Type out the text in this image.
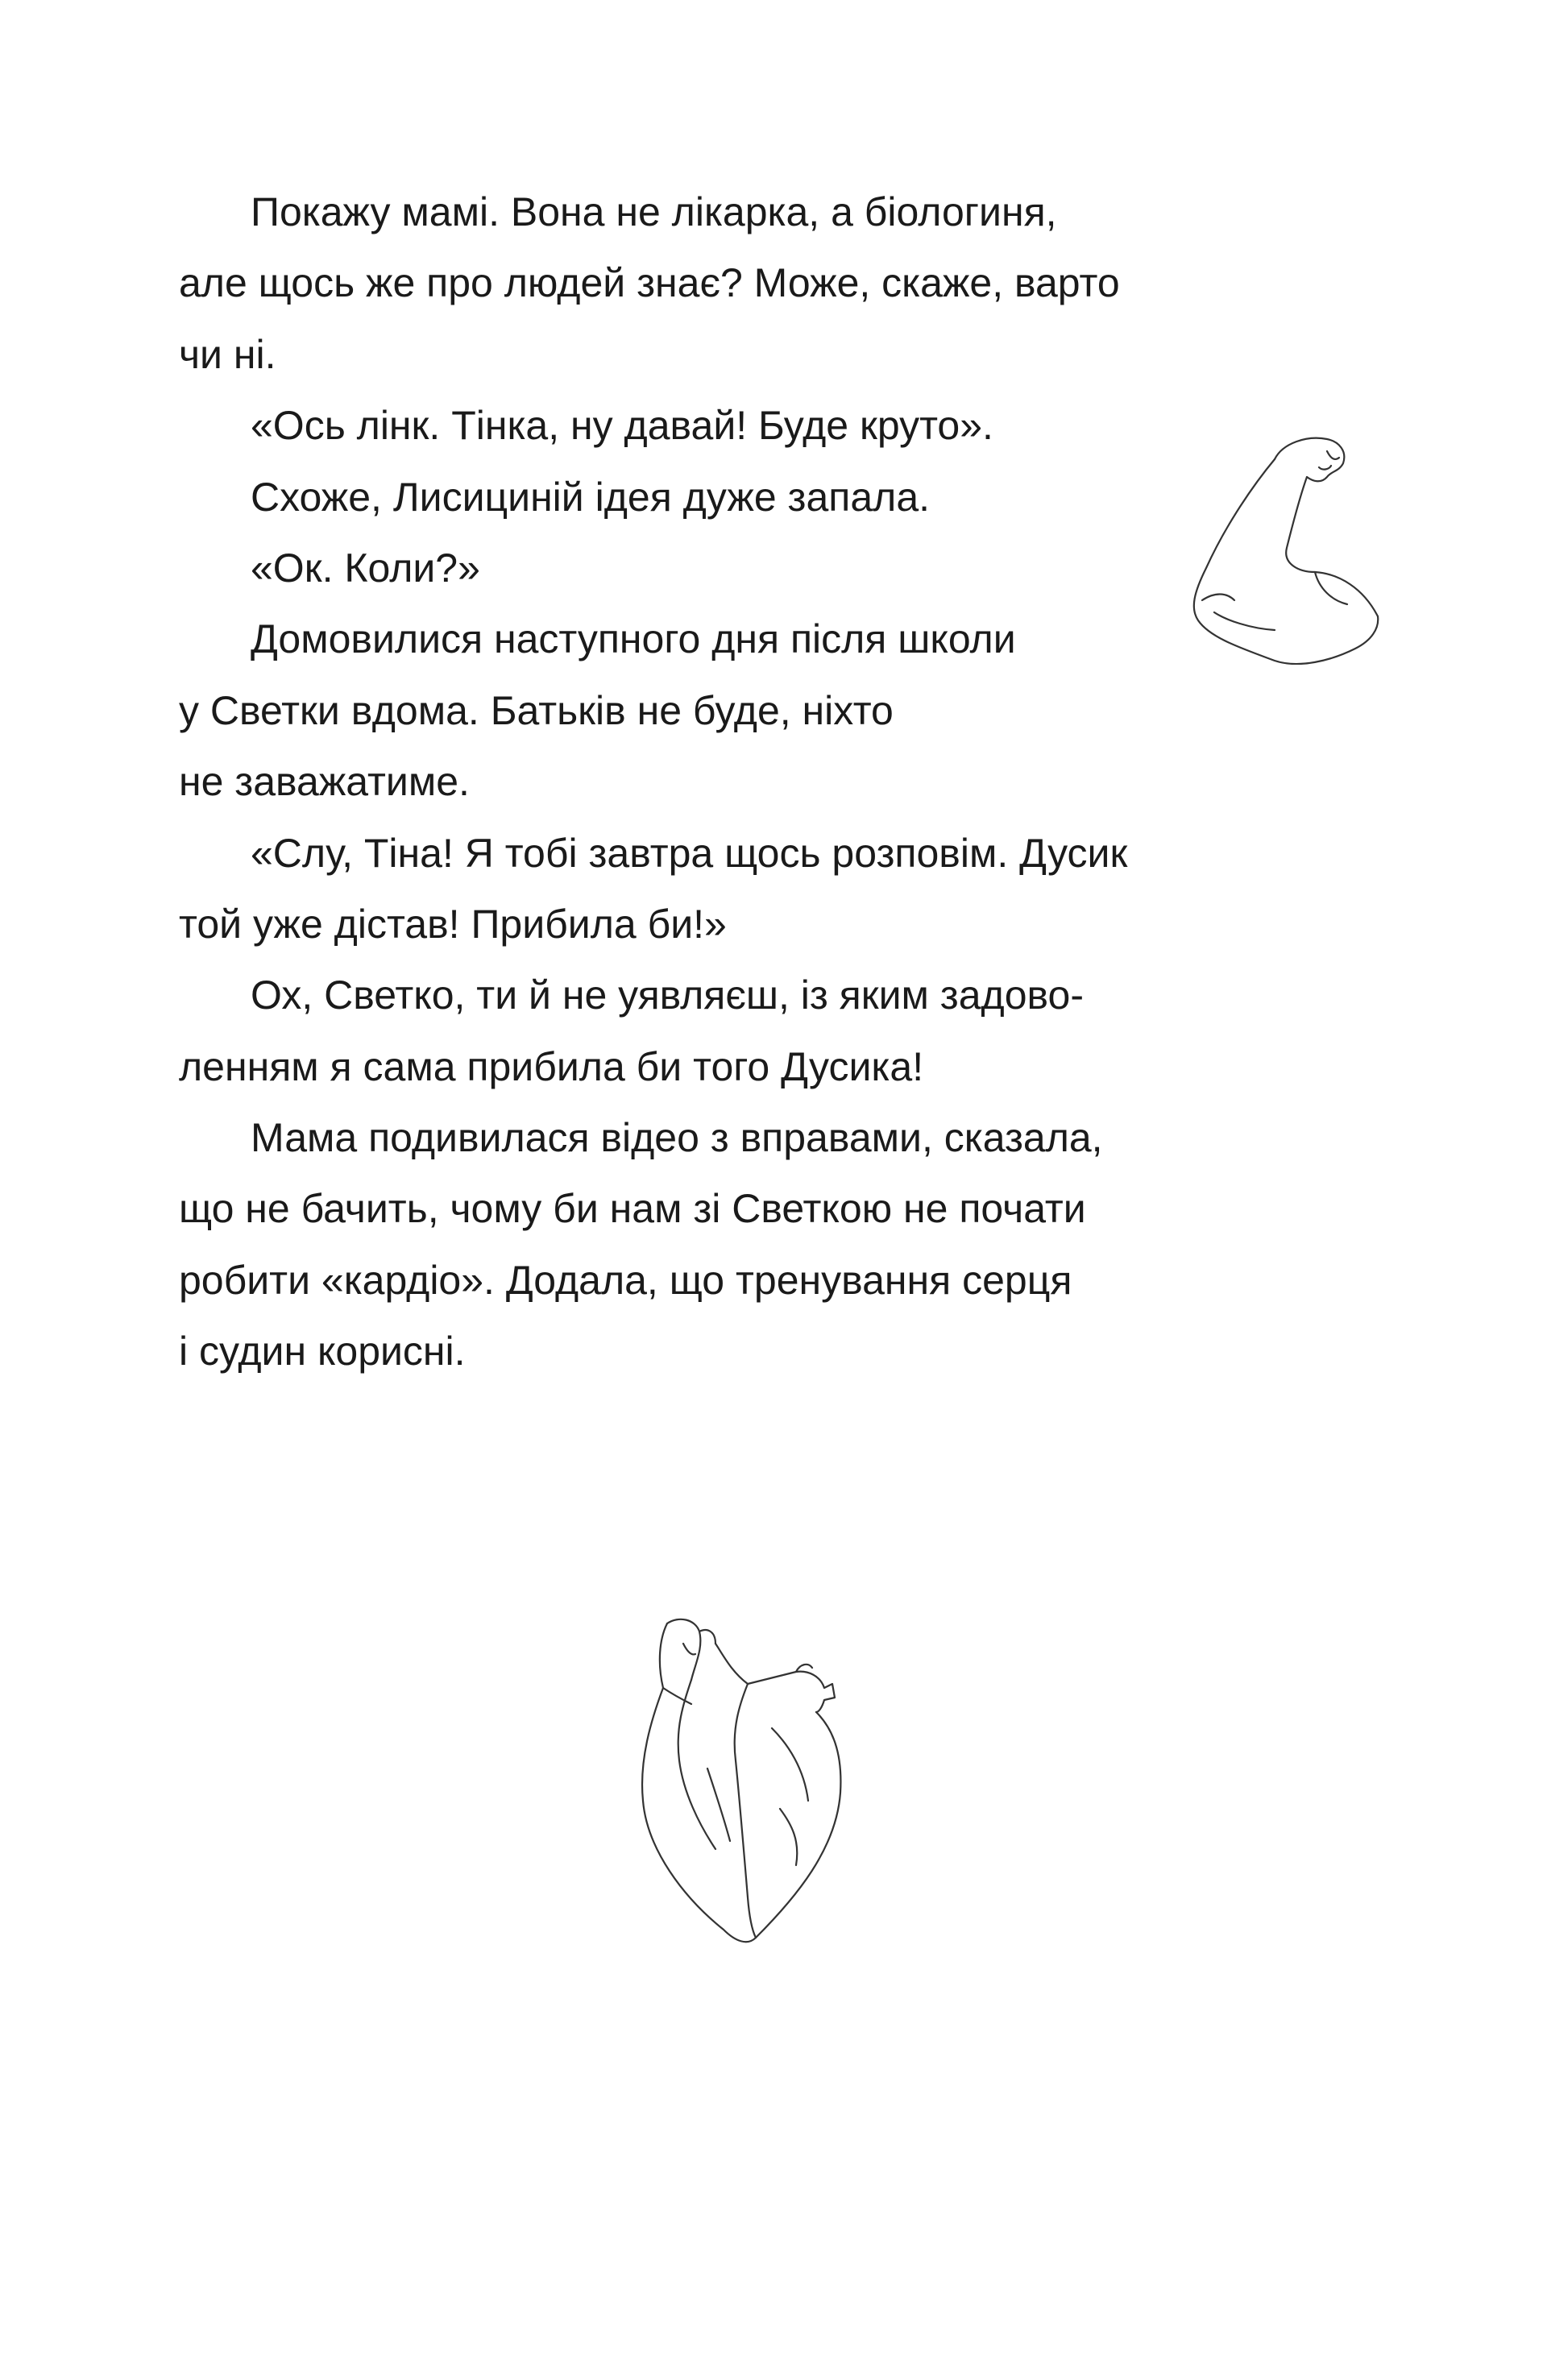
Покажу мамі. Вона не лікарка, а біологиня,
але щось же про людей знає? Може, скаже, варто
чи ні.
«Ось лінк. Тінка, ну давай! Буде круто».
Схоже, Лисициній ідея дуже запала.
«Ок. Коли?»
Домовилися наступного дня після школи
у Светки вдома. Батьків не буде, ніхто
не заважатиме.
«Слу, Тіна! Я тобі завтра щось розповім. Дусик
той уже дістав! Прибила би!»
Ох, Светко, ти й не уявляєш, із яким задово-
ленням я сама прибила би того Дусика!
Мама подивилася відео з вправами, сказала,
що не бачить, чому би нам зі Светкою не почати
робити «кардіо». Додала, що тренування серця
і судин корисні.
